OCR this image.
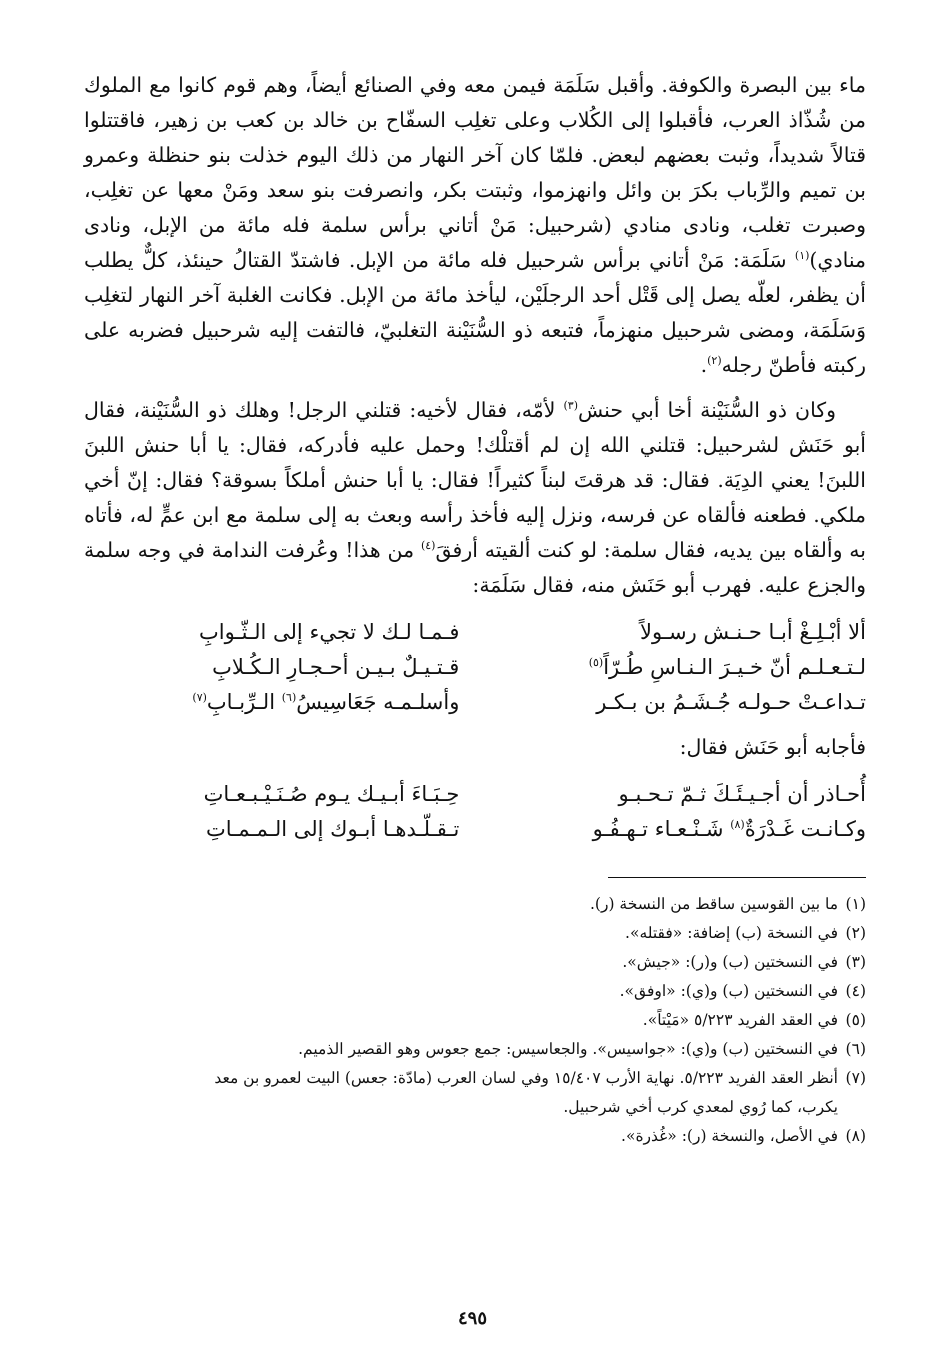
ماء بين البصرة والكوفة. وأقبل سَلَمَة فيمن معه وفي الصنائع أيضاً، وهم قوم كانوا مع الملوك من شُذّاذ العرب، فأقبلوا إلى الكُلاب وعلى تغلِب السفّاح بن خالد بن كعب بن زهير، فاقتتلوا قتالاً شديداً، وثبت بعضهم لبعض. فلمّا كان آخر النهار من ذلك اليوم خذلت بنو حنظلة وعمرو بن تميم والرِّباب بكرَ بن وائل وانهزموا، وثبتت بكر، وانصرفت بنو سعد ومَنْ معها عن تغلِب، وصبرت تغلب، ونادى منادي (شرحبيل: مَنْ أتاني برأس سلمة فله مائة من الإبل، ونادى منادي)$^{(١)}$ سَلَمَة: مَنْ أتاني برأس شرحبيل فله مائة من الإبل. فاشتدّ القتالُ حينئذ، كلٌّ يطلب أن يظفر، لعلّه يصل إلى قَتْل أحد الرجلَيْن، ليأخذ مائة من الإبل. فكانت الغلبة آخر النهار لتغلِب وَسَلَمَة، ومضى شرحبيل منهزماً، فتبعه ذو السُّنَيْنة التغلبيّ، فالتفت إليه شرحبيل فضربه على ركبته فأطنّ رجله$^{(٢)}$.

وكان ذو السُّنَيْنة أخا أبي حنش$^{(٣)}$ لأمّه، فقال لأخيه: قتلني الرجل! وهلك ذو السُّنَيْنة، فقال أبو حَنَش لشرحبيل: قتلني الله إن لم أقتلْك! وحمل عليه فأدركه، فقال: يا أبا حنش اللبنَ اللبنَ! يعني الدِيَة. فقال: قد هرقتَ لبناً كثيراً! فقال: يا أبا حنش أملكاً بسوقة؟ فقال: إنّ أخي ملكي. فطعنه فألقاه عن فرسه، ونزل إليه فأخذ رأسه وبعث به إلى سلمة مع ابن عمٍّ له، فأتاه به وألقاه بين يديه، فقال سلمة: لو كنت ألقيته أرفقَ$^{(٤)}$ من هذا! وعُرفت الندامة في وجه سلمة والجزع عليه. فهرب أبو حَنَش منه، فقال سَلَمَة:

ألا أبْـلِـغْ أبـا حـنـش رسـولاً
فـمـا لـك لا تجيء إلى الـثّـوابِ
لـتـعـلـم أنّ خـيـرَ الـنـاسِ طُـرّاً$^{(٥)}$
قـتـيـلٌ بـيـن أحـجـارِ الـكُـلابِ
تـداعـتْ حـولـه جُـشَـمُ بن بـكـر
وأسلـمـه جَعَاسِيسُ$^{(٦)}$ الـرِّبـابِ$^{(٧)}$
فأجابه أبو حَنَش فقال:
أُحـاذر أن أجـيـئَـكَ ثـمّ تـحـبـو
حِـبَـاءَ أبـيـك يـوم صُـنَـيْـبـعـاتِ
وكـانـت غَـدْرَةٌ$^{(٨)}$ شَـنْـعـاء تـهـفُـو
تـقـلّـدهـا أبـوك إلى الـمـمـاتِ

(١)ما بين القوسين ساقط من النسخة (ر).

(٢)في النسخة (ب) إضافة: «فقتله».

(٣)في النسختين (ب) و(ر): «جيش».

(٤)في النسختين (ب) و(ي): «اوفق».

(٥)في العقد الفريد ٥/٢٢٣ «مَيْتاً».

(٦)في النسختين (ب) و(ي): «جواسيس». والجعاسيس: جمع جعوس وهو القصير الذميم.

(٧)أنظر العقد الفريد ٥/٢٢٣. نهاية الأرب ١٥/٤٠٧ وفي لسان العرب (مادّة: جعس) البيت لعمرو بن معد

يكرب، كما رُوي لمعدي كرب أخي شرحبيل.

(٨)في الأصل، والنسخة (ر): «غُذرة».

٤٩٥
